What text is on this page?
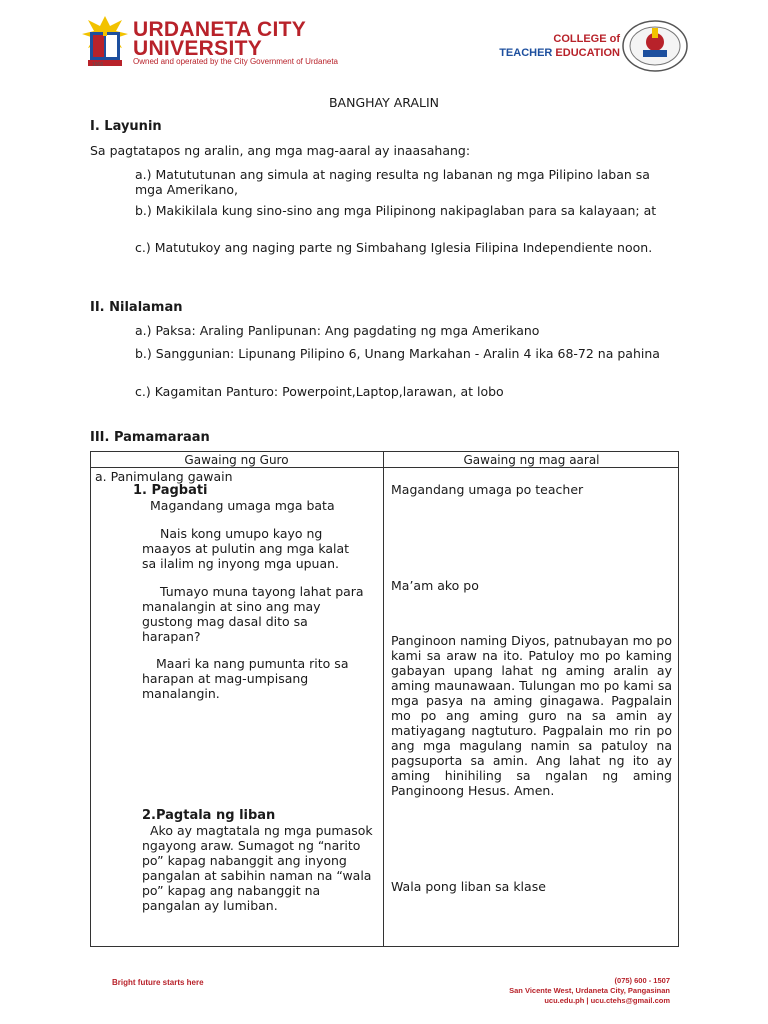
1966
URDANETA CITY
UNIVERSITY
Owned and operated by the City Government of Urdaneta
COLLEGE of
TEACHER EDUCATION
BANGHAY ARALIN
I. Layunin
Sa pagtatapos ng aralin, ang mga mag-aaral ay inaasahang:
a.) Matututunan ang simula at naging resulta ng labanan ng mga Pilipino laban sa mga Amerikano,
b.) Makikilala kung sino-sino ang mga Pilipinong nakipaglaban para sa kalayaan; at
c.) Matutukoy ang naging parte ng Simbahang Iglesia Filipina Independiente noon.
II. Nilalaman
a.) Paksa: Araling Panlipunan: Ang pagdating ng mga Amerikano
b.) Sanggunian: Lipunang Pilipino 6, Unang Markahan - Aralin 4 ika 68-72 na pahina
c.) Kagamitan Panturo: Powerpoint,Laptop,larawan, at lobo
III. Pamamaraan
Gawaing ng Guro	Gawaing ng mag aaral
a. Panimulang gawain
1. Pagbati
Magandang umaga mga bata
Nais kong umupo kayo ng maayos at pulutin ang mga kalat sa ilalim ng inyong mga upuan.
Tumayo muna tayong lahat para manalangin at sino ang may gustong mag dasal dito sa harapan?
Maari ka nang pumunta rito sa harapan at mag-umpisang manalangin.
2.Pagtala ng liban
Ako ay magtatala ng mga pumasok ngayong araw. Sumagot ng “narito po” kapag nabanggit ang inyong pangalan at sabihin naman na “wala po” kapag ang nabanggit na pangalan ay lumiban.
Magandang umaga po teacher
Ma’am ako po
Panginoon naming Diyos, patnubayan mo po kami sa araw na ito. Patuloy mo po kaming gabayan upang lahat ng aming aralin ay aming maunawaan. Tulungan mo po kami sa mga pasya na aming ginagawa. Pagpalain mo po ang aming guro na sa amin ay matiyagang nagtuturo. Pagpalain mo rin po ang mga magulang namin sa patuloy na pagsuporta sa amin. Ang lahat ng ito ay aming hinihiling sa ngalan ng aming Panginoong Hesus. Amen.
Wala pong liban sa klase
Bright future starts here	(075) 600 - 1507
San Vicente West, Urdaneta City, Pangasinan
ucu.edu.ph | ucu.ctehs@gmail.com
